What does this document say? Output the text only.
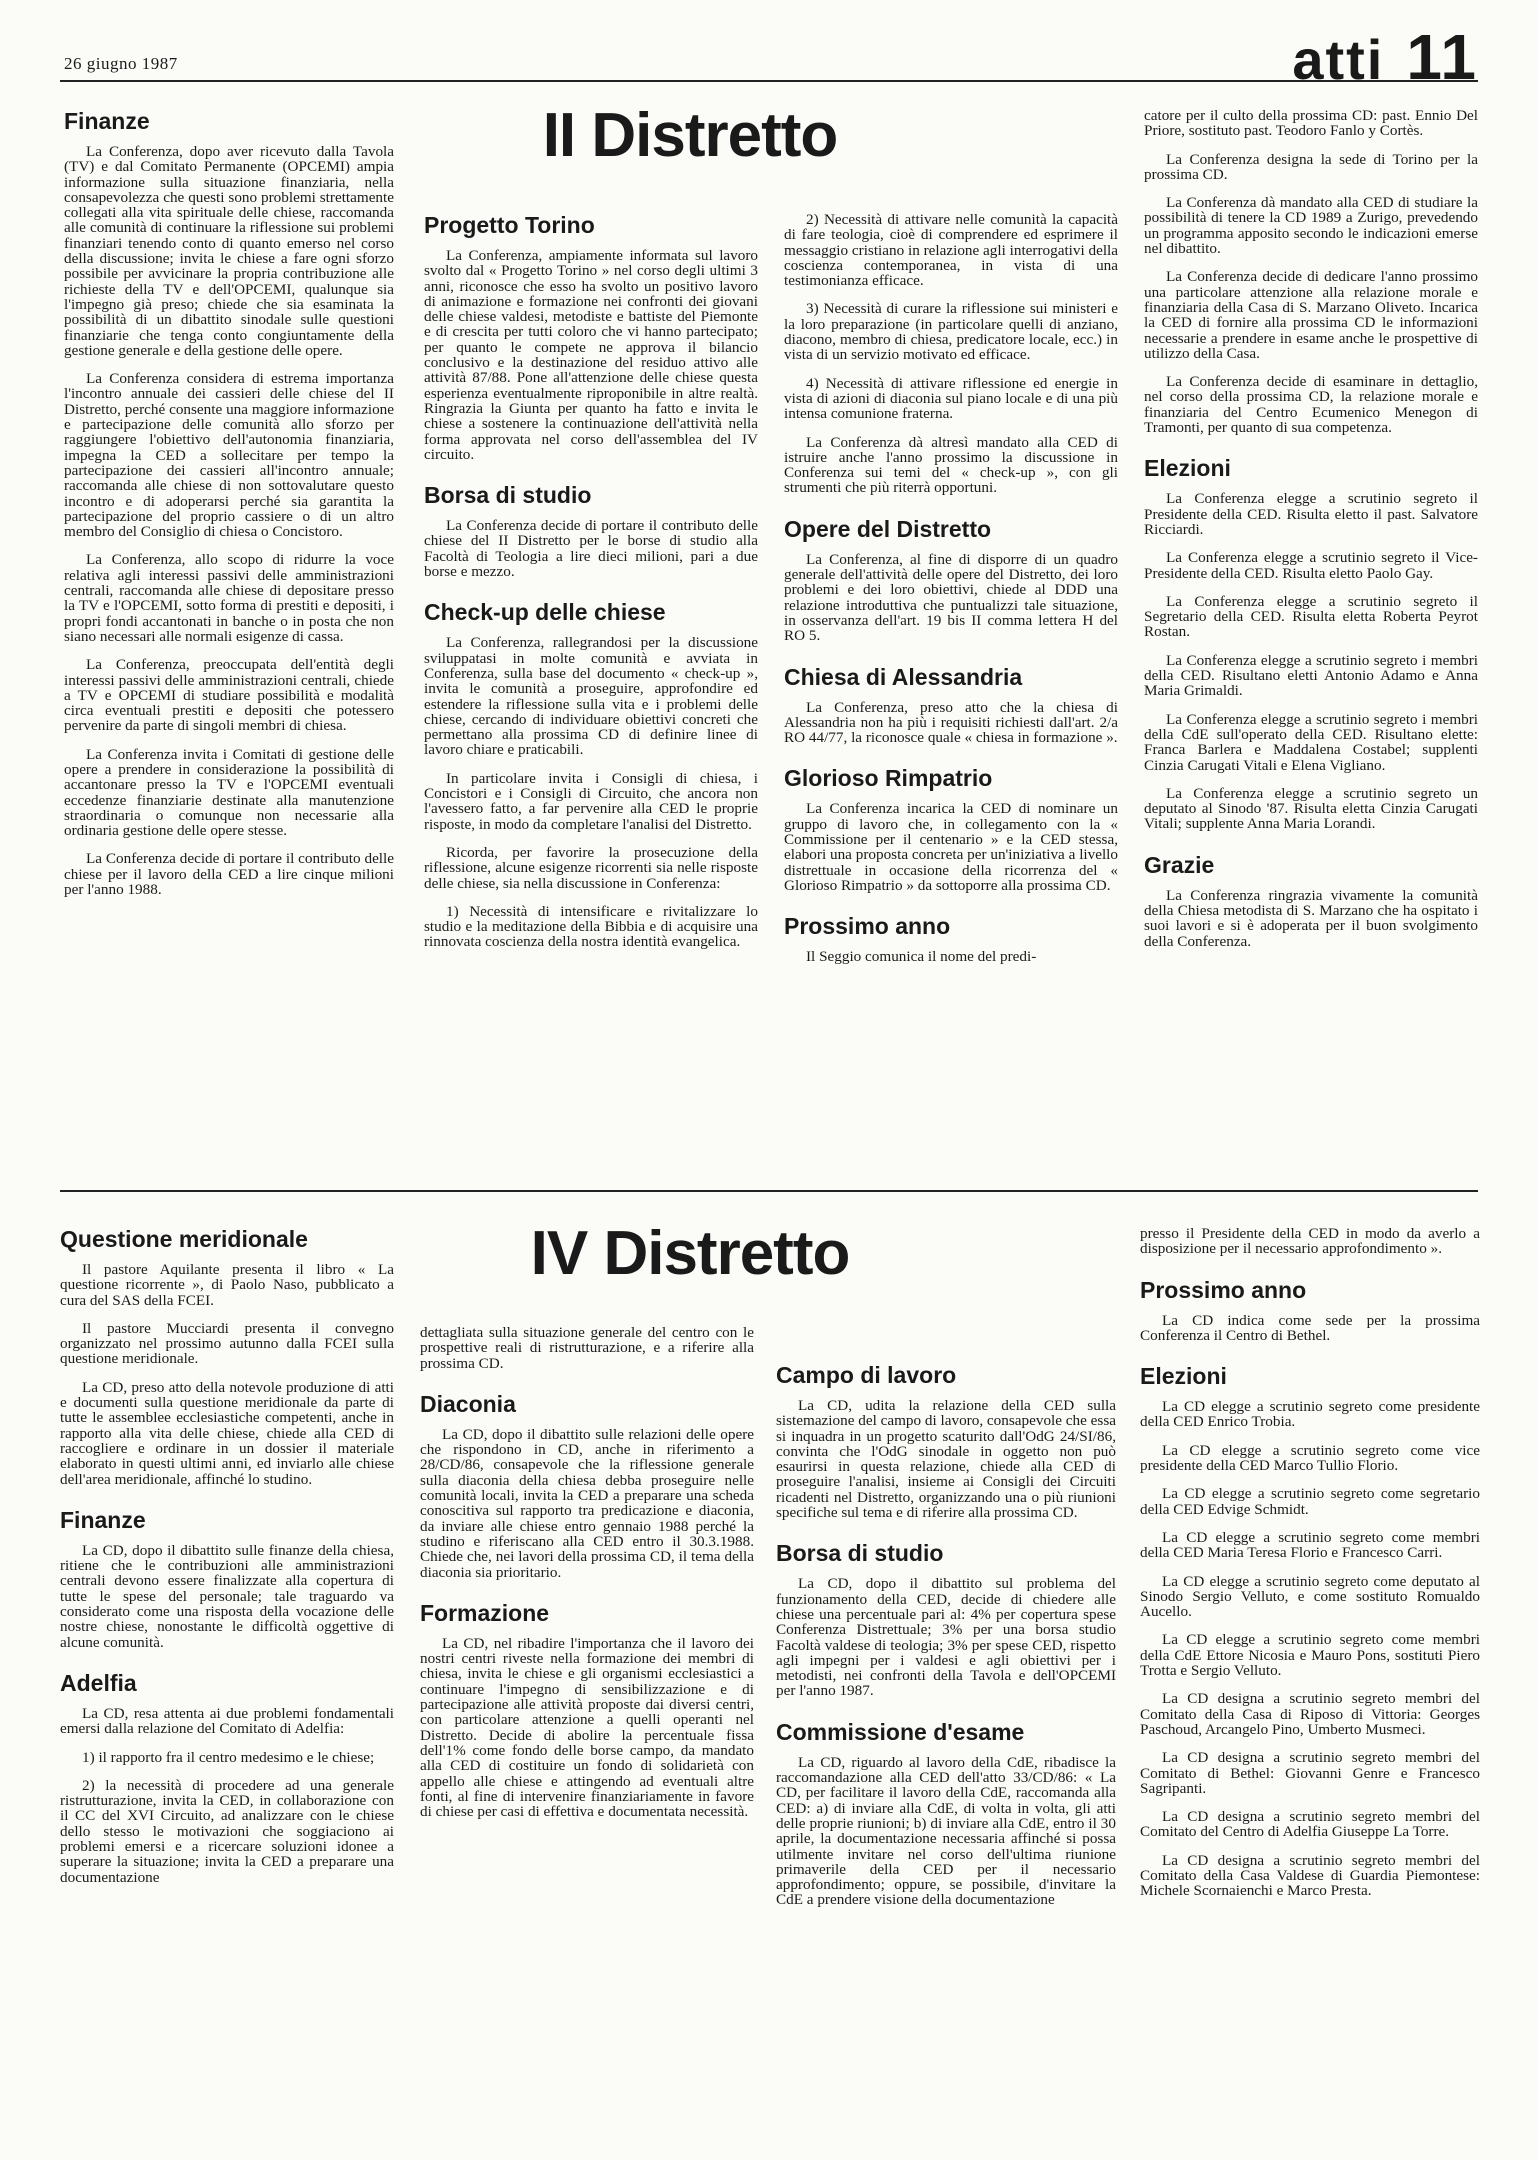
26 giugno 1987	atti 11
II Distretto
Finanze

La Conferenza, dopo aver ricevuto dalla Tavola (TV) e dal Comitato Permanente (OPCEMI) ampia informazione sulla situazione finanziaria, nella consapevolezza che questi sono problemi strettamente collegati alla vita spirituale delle chiese, raccomanda alle comunità di continuare la riflessione sui problemi finanziari tenendo conto di quanto emerso nel corso della discussione; invita le chiese a fare ogni sforzo possibile per avvicinare la propria contribuzione alle richieste della TV e dell'OPCEMI, qualunque sia l'impegno già preso; chiede che sia esaminata la possibilità di un dibattito sinodale sulle questioni finanziarie che tenga conto congiuntamente della gestione generale e della gestione delle opere.

La Conferenza considera di estrema importanza l'incontro annuale dei cassieri delle chiese del II Distretto, perché consente una maggiore informazione e partecipazione delle comunità allo sforzo per raggiungere l'obiettivo dell'autonomia finanziaria, impegna la CED a sollecitare per tempo la partecipazione dei cassieri all'incontro annuale; raccomanda alle chiese di non sottovalutare questo incontro e di adoperarsi perché sia garantita la partecipazione del proprio cassiere o di un altro membro del Consiglio di chiesa o Concistoro.

La Conferenza, allo scopo di ridurre la voce relativa agli interessi passivi delle amministrazioni centrali, raccomanda alle chiese di depositare presso la TV e l'OPCEMI, sotto forma di prestiti e depositi, i propri fondi accantonati in banche o in posta che non siano necessari alle normali esigenze di cassa.

La Conferenza, preoccupata dell'entità degli interessi passivi delle amministrazioni centrali, chiede a TV e OPCEMI di studiare possibilità e modalità circa eventuali prestiti e depositi che potessero pervenire da parte di singoli membri di chiesa.

La Conferenza invita i Comitati di gestione delle opere a prendere in considerazione la possibilità di accantonare presso la TV e l'OPCEMI eventuali eccedenze finanziarie destinate alla manutenzione straordinaria o comunque non necessarie alla ordinaria gestione delle opere stesse.

La Conferenza decide di portare il contributo delle chiese per il lavoro della CED a lire cinque milioni per l'anno 1988.

Progetto Torino

La Conferenza, ampiamente informata sul lavoro svolto dal « Progetto Torino » nel corso degli ultimi 3 anni, riconosce che esso ha svolto un positivo lavoro di animazione e formazione nei confronti dei giovani delle chiese valdesi, metodiste e battiste del Piemonte e di crescita per tutti coloro che vi hanno partecipato; per quanto le compete ne approva il bilancio conclusivo e la destinazione del residuo attivo alle attività 87/88. Pone all'attenzione delle chiese questa esperienza eventualmente riproponibile in altre realtà. Ringrazia la Giunta per quanto ha fatto e invita le chiese a sostenere la continuazione dell'attività nella forma approvata nel corso dell'assemblea del IV circuito.

Borsa di studio

La Conferenza decide di portare il contributo delle chiese del II Distretto per le borse di studio alla Facoltà di Teologia a lire dieci milioni, pari a due borse e mezzo.

Check-up delle chiese

La Conferenza, rallegrandosi per la discussione sviluppatasi in molte comunità e avviata in Conferenza, sulla base del documento « check-up », invita le comunità a proseguire, approfondire ed estendere la riflessione sulla vita e i problemi delle chiese, cercando di individuare obiettivi concreti che permettano alla prossima CD di definire linee di lavoro chiare e praticabili.

In particolare invita i Consigli di chiesa, i Concistori e i Consigli di Circuito, che ancora non l'avessero fatto, a far pervenire alla CED le proprie risposte, in modo da completare l'analisi del Distretto.

Ricorda, per favorire la prosecuzione della riflessione, alcune esigenze ricorrenti sia nelle risposte delle chiese, sia nella discussione in Conferenza:

1) Necessità di intensificare e rivitalizzare lo studio e la meditazione della Bibbia e di acquisire una rinnovata coscienza della nostra identità evangelica.

2) Necessità di attivare nelle comunità la capacità di fare teologia, cioè di comprendere ed esprimere il messaggio cristiano in relazione agli interrogativi della coscienza contemporanea, in vista di una testimonianza efficace.

3) Necessità di curare la riflessione sui ministeri e la loro preparazione (in particolare quelli di anziano, diacono, membro di chiesa, predicatore locale, ecc.) in vista di un servizio motivato ed efficace.

4) Necessità di attivare riflessione ed energie in vista di azioni di diaconia sul piano locale e di una più intensa comunione fraterna.

La Conferenza dà altresì mandato alla CED di istruire anche l'anno prossimo la discussione in Conferenza sui temi del « check-up », con gli strumenti che più riterrà opportuni.

Opere del Distretto

La Conferenza, al fine di disporre di un quadro generale dell'attività delle opere del Distretto, dei loro problemi e dei loro obiettivi, chiede al DDD una relazione introduttiva che puntualizzi tale situazione, in osservanza dell'art. 19 bis II comma lettera H del RO 5.

Chiesa di Alessandria

La Conferenza, preso atto che la chiesa di Alessandria non ha più i requisiti richiesti dall'art. 2/a RO 44/77, la riconosce quale « chiesa in formazione ».

Glorioso Rimpatrio

La Conferenza incarica la CED di nominare un gruppo di lavoro che, in collegamento con la « Commissione per il centenario » e la CED stessa, elabori una proposta concreta per un'iniziativa a livello distrettuale in occasione della ricorrenza del « Glorioso Rimpatrio » da sottoporre alla prossima CD.

Prossimo anno

Il Seggio comunica il nome del predi-

catore per il culto della prossima CD: past. Ennio Del Priore, sostituto past. Teodoro Fanlo y Cortès.

La Conferenza designa la sede di Torino per la prossima CD.

La Conferenza dà mandato alla CED di studiare la possibilità di tenere la CD 1989 a Zurigo, prevedendo un programma apposito secondo le indicazioni emerse nel dibattito.

La Conferenza decide di dedicare l'anno prossimo una particolare attenzione alla relazione morale e finanziaria della Casa di S. Marzano Oliveto. Incarica la CED di fornire alla prossima CD le informazioni necessarie a prendere in esame anche le prospettive di utilizzo della Casa.

La Conferenza decide di esaminare in dettaglio, nel corso della prossima CD, la relazione morale e finanziaria del Centro Ecumenico Menegon di Tramonti, per quanto di sua competenza.

Elezioni

La Conferenza elegge a scrutinio segreto il Presidente della CED. Risulta eletto il past. Salvatore Ricciardi.

La Conferenza elegge a scrutinio segreto il Vice-Presidente della CED. Risulta eletto Paolo Gay.

La Conferenza elegge a scrutinio segreto il Segretario della CED. Risulta eletta Roberta Peyrot Rostan.

La Conferenza elegge a scrutinio segreto i membri della CED. Risultano eletti Antonio Adamo e Anna Maria Grimaldi.

La Conferenza elegge a scrutinio segreto i membri della CdE sull'operato della CED. Risultano elette: Franca Barlera e Maddalena Costabel; supplenti Cinzia Carugati Vitali e Elena Vigliano.

La Conferenza elegge a scrutinio segreto un deputato al Sinodo '87. Risulta eletta Cinzia Carugati Vitali; supplente Anna Maria Lorandi.

Grazie

La Conferenza ringrazia vivamente la comunità della Chiesa metodista di S. Marzano che ha ospitato i suoi lavori e si è adoperata per il buon svolgimento della Conferenza.

IV Distretto
Questione meridionale

Il pastore Aquilante presenta il libro « La questione ricorrente », di Paolo Naso, pubblicato a cura del SAS della FCEI.

Il pastore Mucciardi presenta il convegno organizzato nel prossimo autunno dalla FCEI sulla questione meridionale.

La CD, preso atto della notevole produzione di atti e documenti sulla questione meridionale da parte di tutte le assemblee ecclesiastiche competenti, anche in rapporto alla vita delle chiese, chiede alla CED di raccogliere e ordinare in un dossier il materiale elaborato in questi ultimi anni, ed inviarlo alle chiese dell'area meridionale, affinché lo studino.

Finanze

La CD, dopo il dibattito sulle finanze della chiesa, ritiene che le contribuzioni alle amministrazioni centrali devono essere finalizzate alla copertura di tutte le spese del personale; tale traguardo va considerato come una risposta della vocazione delle nostre chiese, nonostante le difficoltà oggettive di alcune comunità.

Adelfia

La CD, resa attenta ai due problemi fondamentali emersi dalla relazione del Comitato di Adelfia:

1) il rapporto fra il centro medesimo e le chiese;

2) la necessità di procedere ad una generale ristrutturazione, invita la CED, in collaborazione con il CC del XVI Circuito, ad analizzare con le chiese dello stesso le motivazioni che soggiaciono ai problemi emersi e a ricercare soluzioni idonee a superare la situazione; invita la CED a preparare una documentazione

dettagliata sulla situazione generale del centro con le prospettive reali di ristrutturazione, e a riferire alla prossima CD.

Diaconia

La CD, dopo il dibattito sulle relazioni delle opere che rispondono in CD, anche in riferimento a 28/CD/86, consapevole che la riflessione generale sulla diaconia della chiesa debba proseguire nelle comunità locali, invita la CED a preparare una scheda conoscitiva sul rapporto tra predicazione e diaconia, da inviare alle chiese entro gennaio 1988 perché la studino e riferiscano alla CED entro il 30.3.1988. Chiede che, nei lavori della prossima CD, il tema della diaconia sia prioritario.

Formazione

La CD, nel ribadire l'importanza che il lavoro dei nostri centri riveste nella formazione dei membri di chiesa, invita le chiese e gli organismi ecclesiastici a continuare l'impegno di sensibilizzazione e di partecipazione alle attività proposte dai diversi centri, con particolare attenzione a quelli operanti nel Distretto. Decide di abolire la percentuale fissa dell'1% come fondo delle borse campo, da mandato alla CED di costituire un fondo di solidarietà con appello alle chiese e attingendo ad eventuali altre fonti, al fine di intervenire finanziariamente in favore di chiese per casi di effettiva e documentata necessità.

Campo di lavoro

La CD, udita la relazione della CED sulla sistemazione del campo di lavoro, consapevole che essa si inquadra in un progetto scaturito dall'OdG 24/SI/86, convinta che l'OdG sinodale in oggetto non può esaurirsi in questa relazione, chiede alla CED di proseguire l'analisi, insieme ai Consigli dei Circuiti ricadenti nel Distretto, organizzando una o più riunioni specifiche sul tema e di riferire alla prossima CD.

Borsa di studio

La CD, dopo il dibattito sul problema del funzionamento della CED, decide di chiedere alle chiese una percentuale pari al: 4% per copertura spese Conferenza Distrettuale; 3% per una borsa studio Facoltà valdese di teologia; 3% per spese CED, rispetto agli impegni per i valdesi e agli obiettivi per i metodisti, nei confronti della Tavola e dell'OPCEMI per l'anno 1987.

Commissione d'esame

La CD, riguardo al lavoro della CdE, ribadisce la raccomandazione alla CED dell'atto 33/CD/86: « La CD, per facilitare il lavoro della CdE, raccomanda alla CED: a) di inviare alla CdE, di volta in volta, gli atti delle proprie riunioni; b) di inviare alla CdE, entro il 30 aprile, la documentazione necessaria affinché si possa utilmente invitare nel corso dell'ultima riunione primaverile della CED per il necessario approfondimento; oppure, se possibile, d'invitare la CdE a prendere visione della documentazione

presso il Presidente della CED in modo da averlo a disposizione per il necessario approfondimento ».

Prossimo anno

La CD indica come sede per la prossima Conferenza il Centro di Bethel.

Elezioni

La CD elegge a scrutinio segreto come presidente della CED Enrico Trobia.

La CD elegge a scrutinio segreto come vice presidente della CED Marco Tullio Florio.

La CD elegge a scrutinio segreto come segretario della CED Edvige Schmidt.

La CD elegge a scrutinio segreto come membri della CED Maria Teresa Florio e Francesco Carri.

La CD elegge a scrutinio segreto come deputato al Sinodo Sergio Velluto, e come sostituto Romualdo Aucello.

La CD elegge a scrutinio segreto come membri della CdE Ettore Nicosia e Mauro Pons, sostituti Piero Trotta e Sergio Velluto.

La CD designa a scrutinio segreto membri del Comitato della Casa di Riposo di Vittoria: Georges Paschoud, Arcangelo Pino, Umberto Musmeci.

La CD designa a scrutinio segreto membri del Comitato di Bethel: Giovanni Genre e Francesco Sagripanti.

La CD designa a scrutinio segreto membri del Comitato del Centro di Adelfia Giuseppe La Torre.

La CD designa a scrutinio segreto membri del Comitato della Casa Valdese di Guardia Piemontese: Michele Scornaienchi e Marco Presta.
